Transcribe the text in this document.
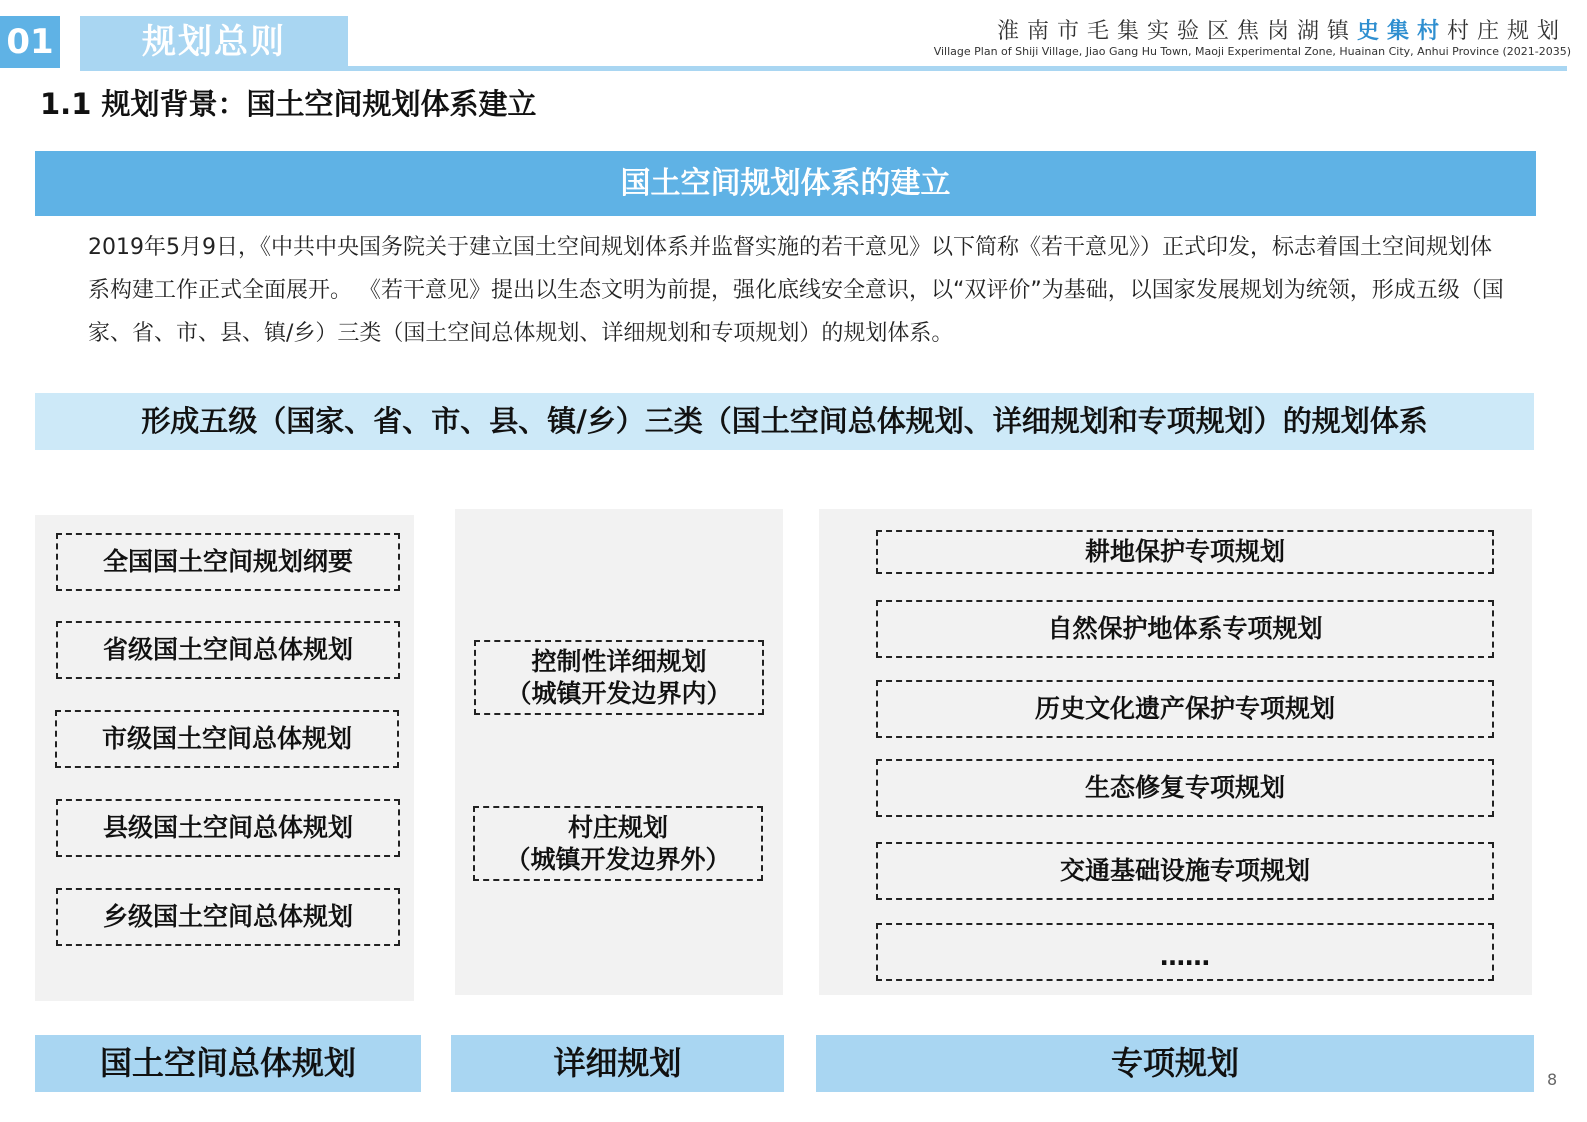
01	规划总则	淮南市毛集实验区焦岗湖镇史集村村庄规划
Village Plan of Shiji Village, Jiao Gang Hu Town, Maoji Experimental Zone, Huainan City, Anhui Province (2021-2035)
1.1 规划背景：国土空间规划体系建立
国土空间规划体系的建立
2019年5月9日，《中共中央国务院关于建立国土空间规划体系并监督实施的若干意见》以下简称《若干意见》）正式印发，标志着国土空间规划体系构建工作正式全面展开。 《若干意见》提出以生态文明为前提，强化底线安全意识，以“双评价”为基础，以国家发展规划为统领，形成五级（国家、省、市、县、镇/乡）三类（国土空间总体规划、详细规划和专项规划）的规划体系。
形成五级（国家、省、市、县、镇/乡）三类（国土空间总体规划、详细规划和专项规划）的规划体系
全国国土空间规划纲要
省级国土空间总体规划
市级国土空间总体规划
县级国土空间总体规划
乡级国土空间总体规划
控制性详细规划
（城镇开发边界内）
村庄规划
（城镇开发边界外）
耕地保护专项规划
自然保护地体系专项规划
历史文化遗产保护专项规划
生态修复专项规划
交通基础设施专项规划
……
国土空间总体规划	详细规划	专项规划	8
